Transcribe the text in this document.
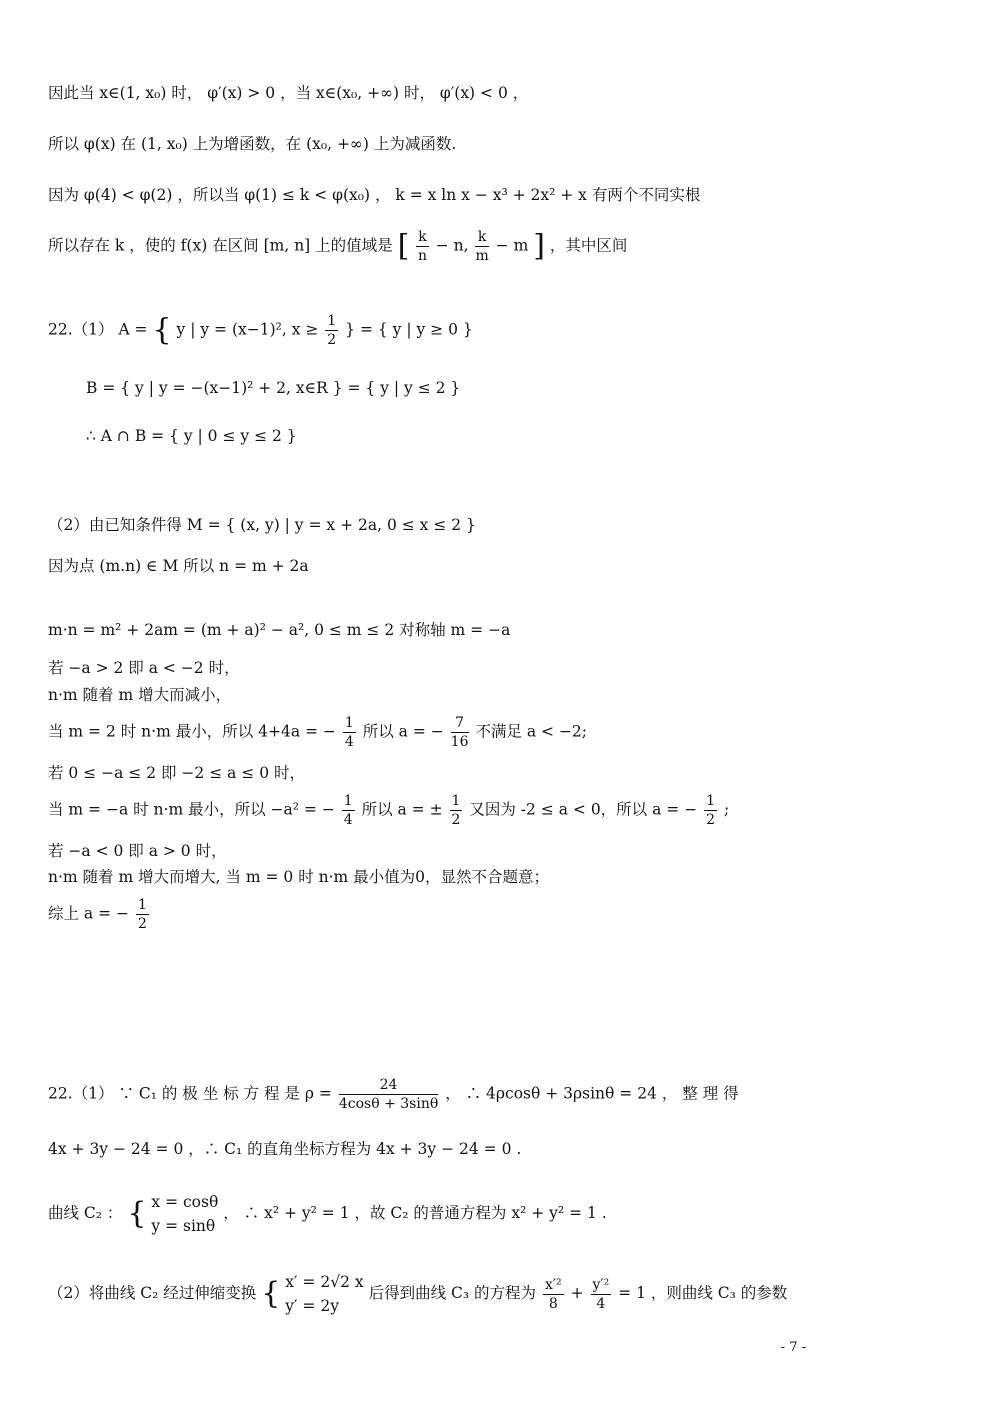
因此当 x∈(1, x₀) 时， φ′(x) > 0 ，当 x∈(x₀, +∞) 时， φ′(x) < 0 ，
所以 φ(x) 在 (1, x₀) 上为增函数，在 (x₀, +∞) 上为减函数.
因为 φ(4) < φ(2) ，所以当 φ(1) ≤ k < φ(x₀) ， k = x ln x − x³ + 2x² + x 有两个不同实根
所以存在 k ，使的 f(x) 在区间 [m, n] 上的值域是 [ $\frac{k}{n} - n$, $\frac{k}{m} - m$ ] ，其中区间
22.（1） A = { y | y = (x−1)², $x \ge \frac{1}{2}$ } = { y | y ≥ 0 }
B = { y | y = −(x−1)² + 2, x∈R } = { y | y ≤ 2 }
∴ A ∩ B = { y | 0 ≤ y ≤ 2 }
（2）由已知条件得 M = { (x, y) | y = x + 2a, 0 ≤ x ≤ 2 }
因为点 (m.n) ∈ M 所以 n = m + 2a
m·n = m² + 2am = (m + a)² − a², 0 ≤ m ≤ 2 对称轴 m = −a
若 −a > 2 即 a < −2 时，
n·m 随着 m 增大而减小，
当 m = 2 时 n·m 最小，所以 4+4a = − $\frac{1}{4}$ 所以 a = − $\frac{7}{16}$ 不满足 a < −2;
若 0 ≤ −a ≤ 2 即 −2 ≤ a ≤ 0 时，
当 m = −a 时 n·m 最小，所以 −a² = − $\frac{1}{4}$ 所以 a = ± $\frac{1}{2}$ 又因为 -2 ≤ a < 0，所以 a = − $\frac{1}{2}$ ;
若 −a < 0 即 a > 0 时，
n·m 随着 m 增大而增大, 当 m = 0 时 n·m 最小值为0，显然不合题意；
综上 a = − $\frac{1}{2}$
22.（1） ∵ C₁ 的 极 坐 标 方 程 是 $\rho = \frac{24}{4\cos\theta + 3\sin\theta}$ ， ∴ 4ρcosθ + 3ρsinθ = 24 ， 整 理 得
4x + 3y − 24 = 0 ，∴ C₁ 的直角坐标方程为 4x + 3y − 24 = 0 .
曲线 C₂ ： { x = cosθ
y = sinθ
， ∴ x² + y² = 1 ，故 C₂ 的普通方程为 x² + y² = 1 .
（2）将曲线 C₂ 经过伸缩变换 { x′ = 2√2 x
y′ = 2y
后得到曲线 C₃ 的方程为 $\frac{\text{x′²}}{8} + \frac{\text{y′²}}{4} = 1$ ，则曲线 C₃ 的参数
- 7 -
